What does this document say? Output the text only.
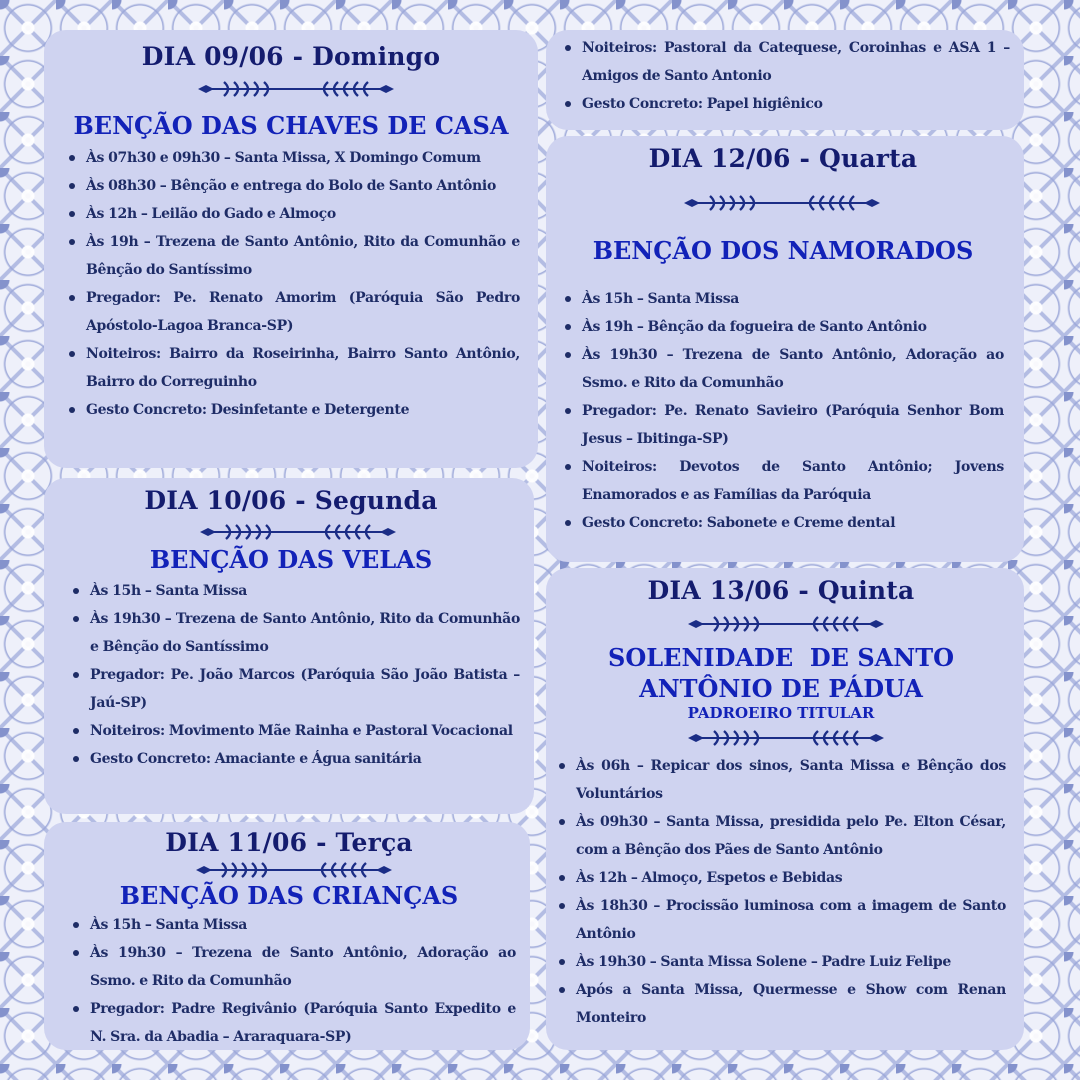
DIA 09/06 - Domingo
BENÇÃO DAS CHAVES DE CASA
Às 07h30 e 09h30 – Santa Missa, X Domingo Comum
Às 08h30 – Bênção e entrega do Bolo de Santo Antônio
Às 12h – Leilão do Gado e Almoço
Às 19h – Trezena de Santo Antônio, Rito da Comunhão e Bênção do Santíssimo
Pregador: Pe. Renato Amorim (Paróquia São Pedro Apóstolo-Lagoa Branca-SP)
Noiteiros: Bairro da Roseirinha, Bairro Santo Antônio, Bairro do Correguinho
Gesto Concreto: Desinfetante e Detergente
DIA 10/06 - Segunda
BENÇÃO DAS VELAS
Às 15h – Santa Missa
Às 19h30 – Trezena de Santo Antônio, Rito da Comunhão e Bênção do Santíssimo
Pregador: Pe. João Marcos (Paróquia São João Batista – Jaú-SP)
Noiteiros: Movimento Mãe Rainha e Pastoral Vocacional
Gesto Concreto: Amaciante e Água sanitária
DIA 11/06 - Terça
BENÇÃO DAS CRIANÇAS
Às 15h – Santa Missa
Às 19h30 – Trezena de Santo Antônio, Adoração ao Ssmo. e Rito da Comunhão
Pregador: Padre Regivânio (Paróquia Santo Expedito e N. Sra. da Abadia – Araraquara-SP)
Noiteiros: Pastoral da Catequese, Coroinhas e ASA 1 – Amigos de Santo Antonio
Gesto Concreto: Papel higiênico
DIA 12/06 - Quarta
BENÇÃO DOS NAMORADOS
Às 15h – Santa Missa
Às 19h – Bênção da fogueira de Santo Antônio
Às 19h30 – Trezena de Santo Antônio, Adoração ao Ssmo. e Rito da Comunhão
Pregador: Pe. Renato Savieiro (Paróquia Senhor Bom Jesus – Ibitinga-SP)
Noiteiros: Devotos de Santo Antônio; Jovens Enamorados e as Famílias da Paróquia
Gesto Concreto: Sabonete e Creme dental
DIA 13/06 - Quinta
SOLENIDADE  DE SANTO
ANTÔNIO DE PÁDUA
PADROEIRO TITULAR
Às 06h – Repicar dos sinos, Santa Missa e Bênção dos Voluntários
Às 09h30 – Santa Missa, presidida pelo Pe. Elton César, com a Bênção dos Pães de Santo Antônio
Às 12h – Almoço, Espetos e Bebidas
Às 18h30 – Procissão luminosa com a imagem de Santo Antônio
Às 19h30 – Santa Missa Solene – Padre Luiz Felipe
Após a Santa Missa, Quermesse e Show com Renan Monteiro
